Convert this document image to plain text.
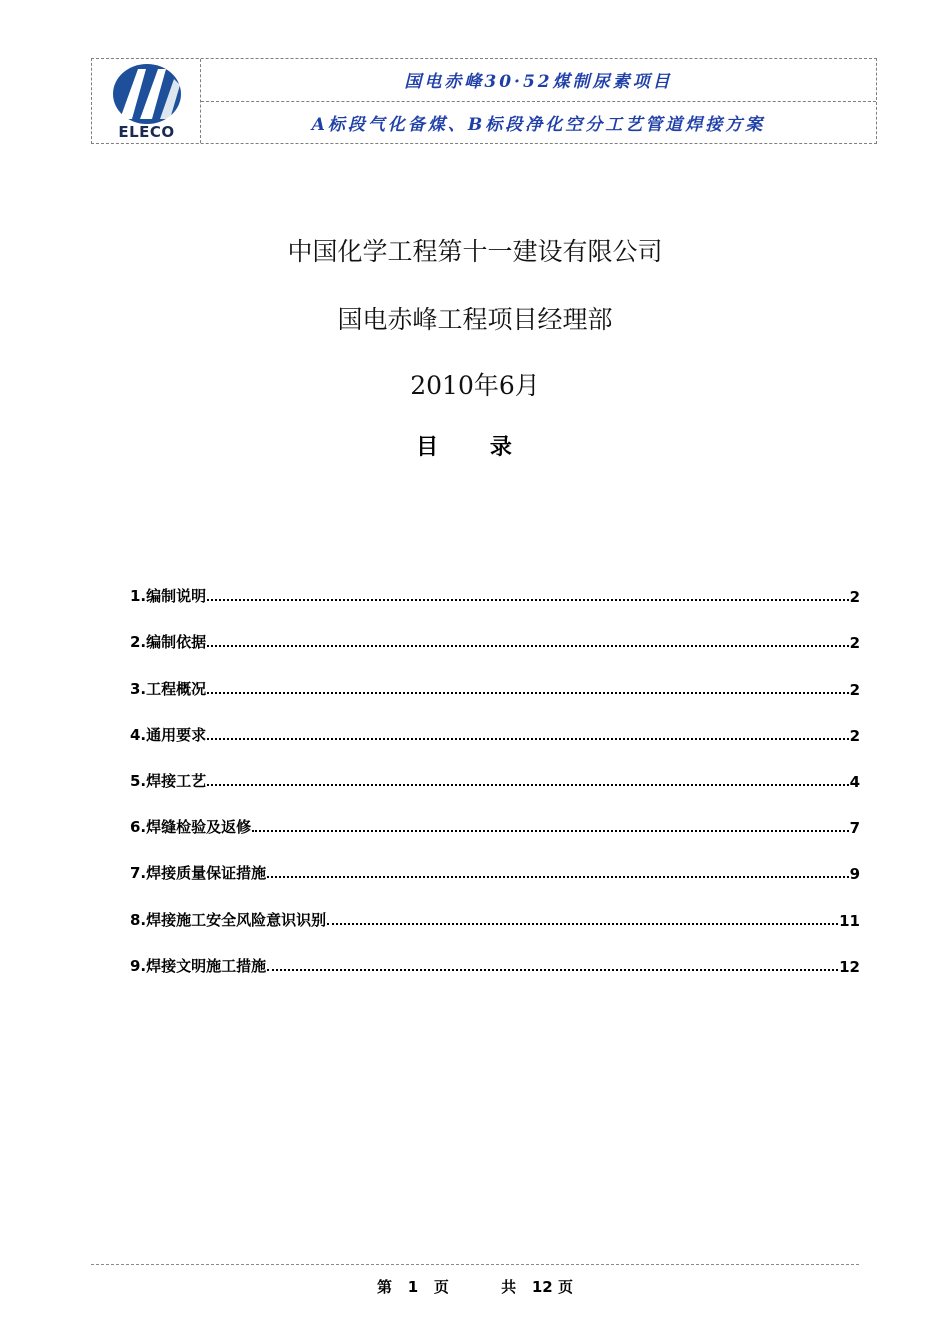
ELECO
国电赤峰30·52煤制尿素项目
A标段气化备煤、B标段净化空分工艺管道焊接方案
中国化学工程第十一建设有限公司
国电赤峰工程项目经理部
2010年6月
目 录
1.编制说明	2
2.编制依据	2
3.工程概况	2
4.通用要求	2
5.焊接工艺	4
6.焊缝检验及返修	7
7.焊接质量保证措施	9
8.焊接施工安全风险意识识别	11
9.焊接文明施工措施	12
第 1 页	共 12 页
